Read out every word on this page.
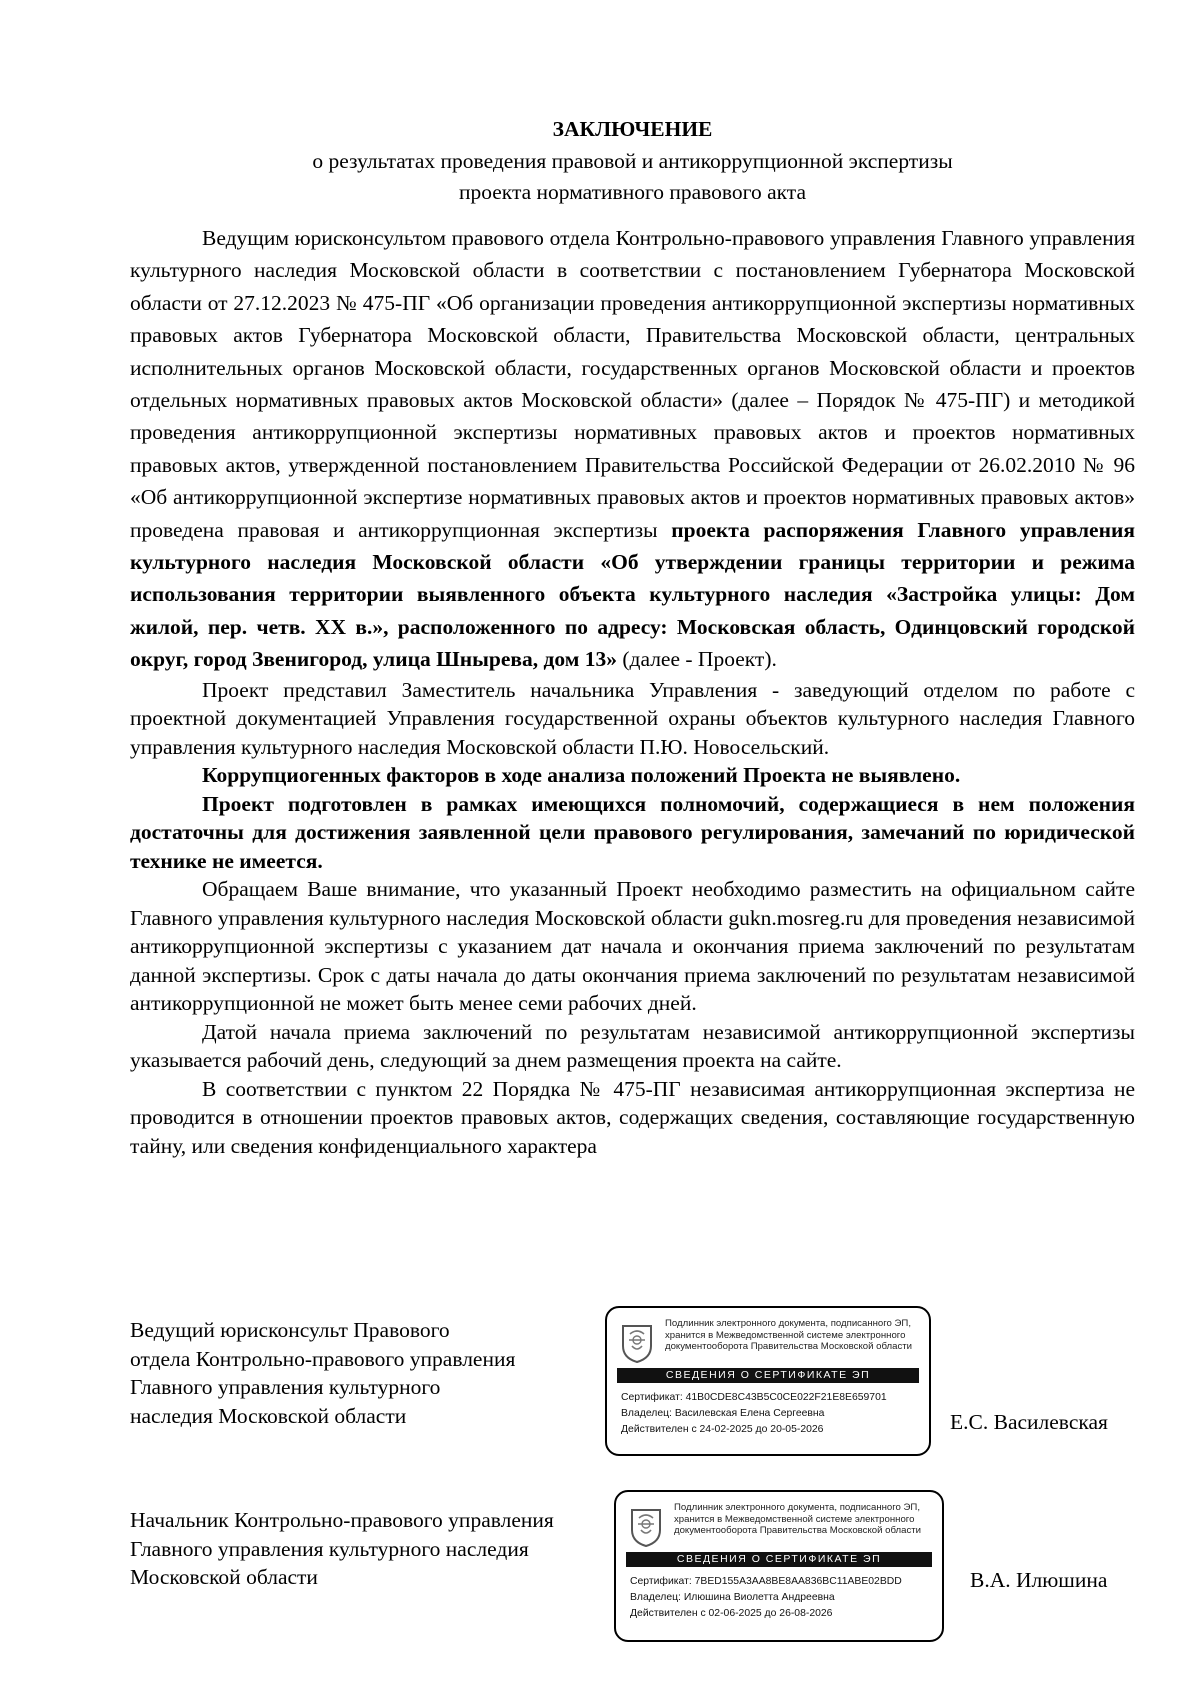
ЗАКЛЮЧЕНИЕ

о результатах проведения правовой и антикоррупционной экспертизы

проекта нормативного правового акта

Ведущим юрисконсультом правового отдела Контрольно-правового управления Главного управления культурного наследия Московской области в соответствии с постановлением Губернатора Московской области от 27.12.2023 № 475-ПГ «Об организации проведения антикоррупционной экспертизы нормативных правовых актов Губернатора Московской области, Правительства Московской области, центральных исполнительных органов Московской области, государственных органов Московской области и проектов отдельных нормативных правовых актов Московской области» (далее – Порядок № 475-ПГ) и методикой проведения антикоррупционной экспертизы нормативных правовых актов и проектов нормативных правовых актов, утвержденной постановлением Правительства Российской Федерации от 26.02.2010 № 96 «Об антикоррупционной экспертизе нормативных правовых актов и проектов нормативных правовых актов» проведена правовая и антикоррупционная экспертизы проекта распоряжения Главного управления культурного наследия Московской области «Об утверждении границы территории и режима использования территории выявленного объекта культурного наследия «Застройка улицы: Дом жилой, пер. четв. XX в.», расположенного по адресу: Московская область, Одинцовский городской округ, город Звенигород, улица Шнырева, дом 13» (далее - Проект).

Проект представил Заместитель начальника Управления - заведующий отделом по работе с проектной документацией Управления государственной охраны объектов культурного наследия Главного управления культурного наследия Московской области П.Ю. Новосельский.

Коррупциогенных факторов в ходе анализа положений Проекта не выявлено.

Проект подготовлен в рамках имеющихся полномочий, содержащиеся в нем положения достаточны для достижения заявленной цели правового регулирования, замечаний по юридической технике не имеется.

Обращаем Ваше внимание, что указанный Проект необходимо разместить на официальном сайте Главного управления культурного наследия Московской области gukn.mosreg.ru для проведения независимой антикоррупционной экспертизы с указанием дат начала и окончания приема заключений по результатам данной экспертизы. Срок с даты начала до даты окончания приема заключений по результатам независимой антикоррупционной не может быть менее семи рабочих дней.

Датой начала приема заключений по результатам независимой антикоррупционной экспертизы указывается рабочий день, следующий за днем размещения проекта на сайте.

В соответствии с пунктом 22 Порядка № 475-ПГ независимая антикоррупционная экспертиза не проводится в отношении проектов правовых актов, содержащих сведения, составляющие государственную тайну, или сведения конфиденциального характера

Ведущий юрисконсульт Правового
отдела Контрольно-правового управления
Главного управления культурного
наследия Московской области
Подлинник электронного документа, подписанного ЭП, хранится в Межведомственной системе электронного документооборота Правительства Московской области
СВЕДЕНИЯ О СЕРТИФИКАТЕ ЭП
Сертификат: 41B0CDE8C43B5C0CE022F21E8E659701
Владелец: Василевская Елена Сергеевна
Действителен с 24-02-2025 до 20-05-2026	Е.С. Василевская
Начальник Контрольно-правового управления
Главного управления культурного наследия
Московской области
Подлинник электронного документа, подписанного ЭП, хранится в Межведомственной системе электронного документооборота Правительства Московской области
СВЕДЕНИЯ О СЕРТИФИКАТЕ ЭП
Сертификат: 7BED155A3AA8BE8AA836BC11ABE02BDD
Владелец: Илюшина Виолетта Андреевна
Действителен с 02-06-2025 до 26-08-2026
В.А. Илюшина
